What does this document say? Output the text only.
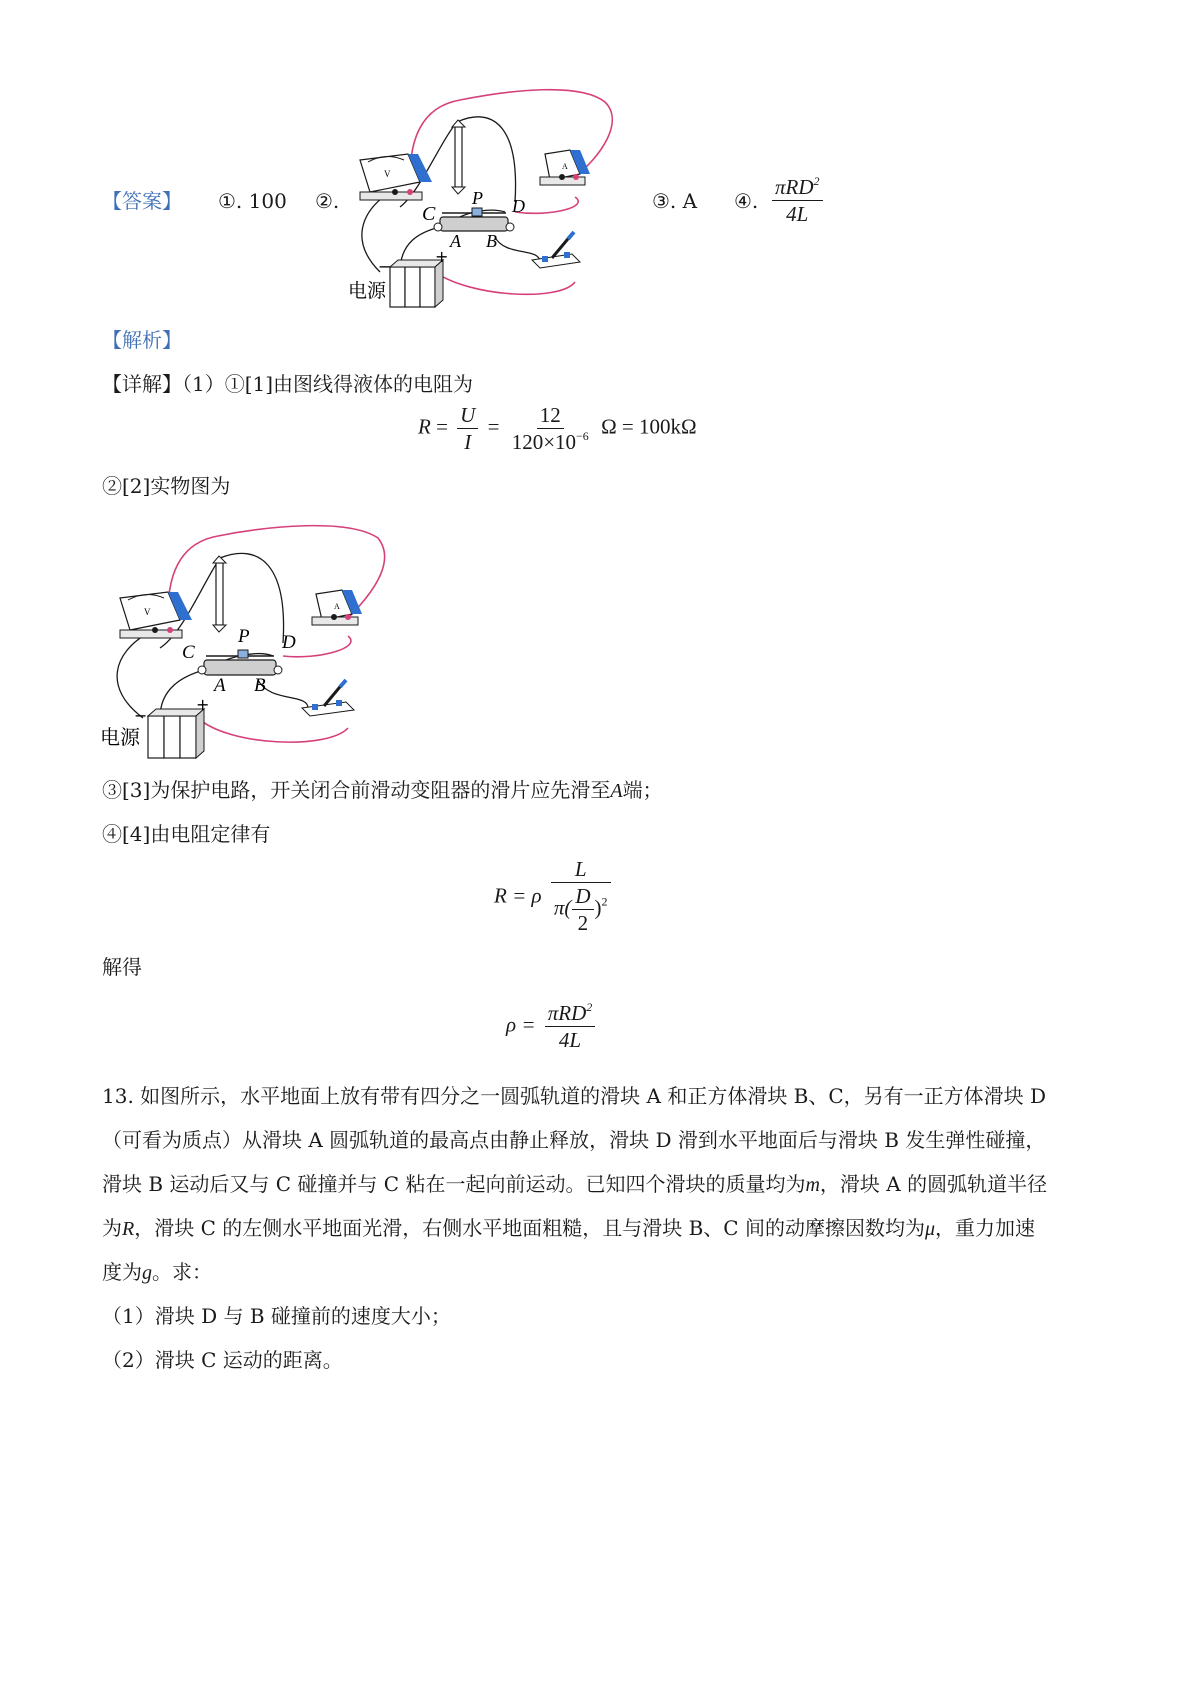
【答案】 ①. 100 ②.	③. A ④. $\frac{\pi RD^2}{4L}$
V
A
C
P D
A B
−
+
电源
【解析】
【详解】（1）①[1]由图线得液体的电阻为
$R = \frac{U}{I} = \frac{12}{120\times 10^{-6}}$ Ω = 100kΩ
②[2]实物图为
V
A
C
P D
A B
−
+
电源
③[3]为保护电路，开关闭合前滑动变阻器的滑片应先滑至A端；
④[4]由电阻定律有
R = ρ $\frac{L}{\pi( \frac{D}{2} )^2}$
解得
$\rho = \frac{\pi RD^2}{4L}$
13. 如图所示，水平地面上放有带有四分之一圆弧轨道的滑块 A 和正方体滑块 B、C，另有一正方体滑块 D
（可看为质点）从滑块 A 圆弧轨道的最高点由静止释放，滑块 D 滑到水平地面后与滑块 B 发生弹性碰撞，
滑块 B 运动后又与 C 碰撞并与 C 粘在一起向前运动。已知四个滑块的质量均为m，滑块 A 的圆弧轨道半径
为R，滑块 C 的左侧水平地面光滑，右侧水平地面粗糙，且与滑块 B、C 间的动摩擦因数均为μ，重力加速
度为g。求：
（1）滑块 D 与 B 碰撞前的速度大小；
（2）滑块 C 运动的距离。
